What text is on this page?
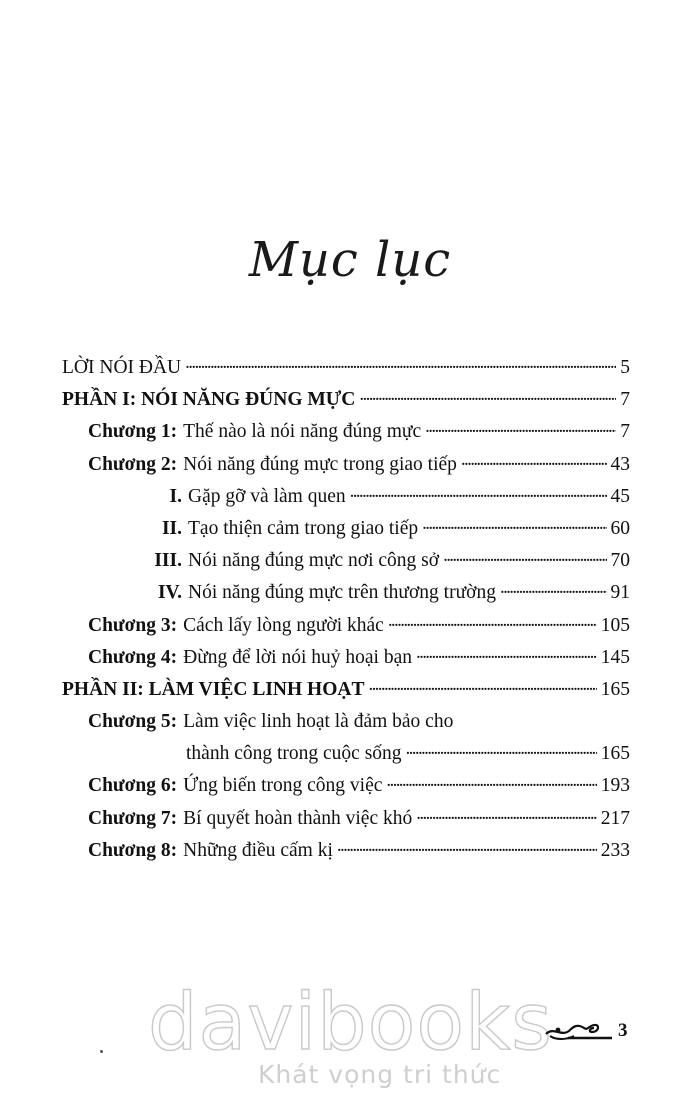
Mục lục
LỜI NÓI ĐẦU . . .	5
PHẦN I: NÓI NĂNG ĐÚNG MỰC . . .	7
Chương 1: Thế nào là nói năng đúng mực . . .	7
Chương 2: Nói năng đúng mực trong giao tiếp . . .	43
I. Gặp gỡ và làm quen . . .	45
II. Tạo thiện cảm trong giao tiếp . . .	60
III. Nói năng đúng mực nơi công sở . . .	70
IV. Nói năng đúng mực trên thương trường . . .	91
Chương 3: Cách lấy lòng người khác . . .	105
Chương 4: Đừng để lời nói huỷ hoại bạn . . .	145
PHẦN II: LÀM VIỆC LINH HOẠT . . .	165
Chương 5: Làm việc linh hoạt là đảm bảo cho
thành công trong cuộc sống . . .	165
Chương 6: Ứng biến trong công việc . . .	193
Chương 7: Bí quyết hoàn thành việc khó . . .	217
Chương 8: Những điều cấm kị . . .	233
davibooks
Khát vọng tri thức
3
